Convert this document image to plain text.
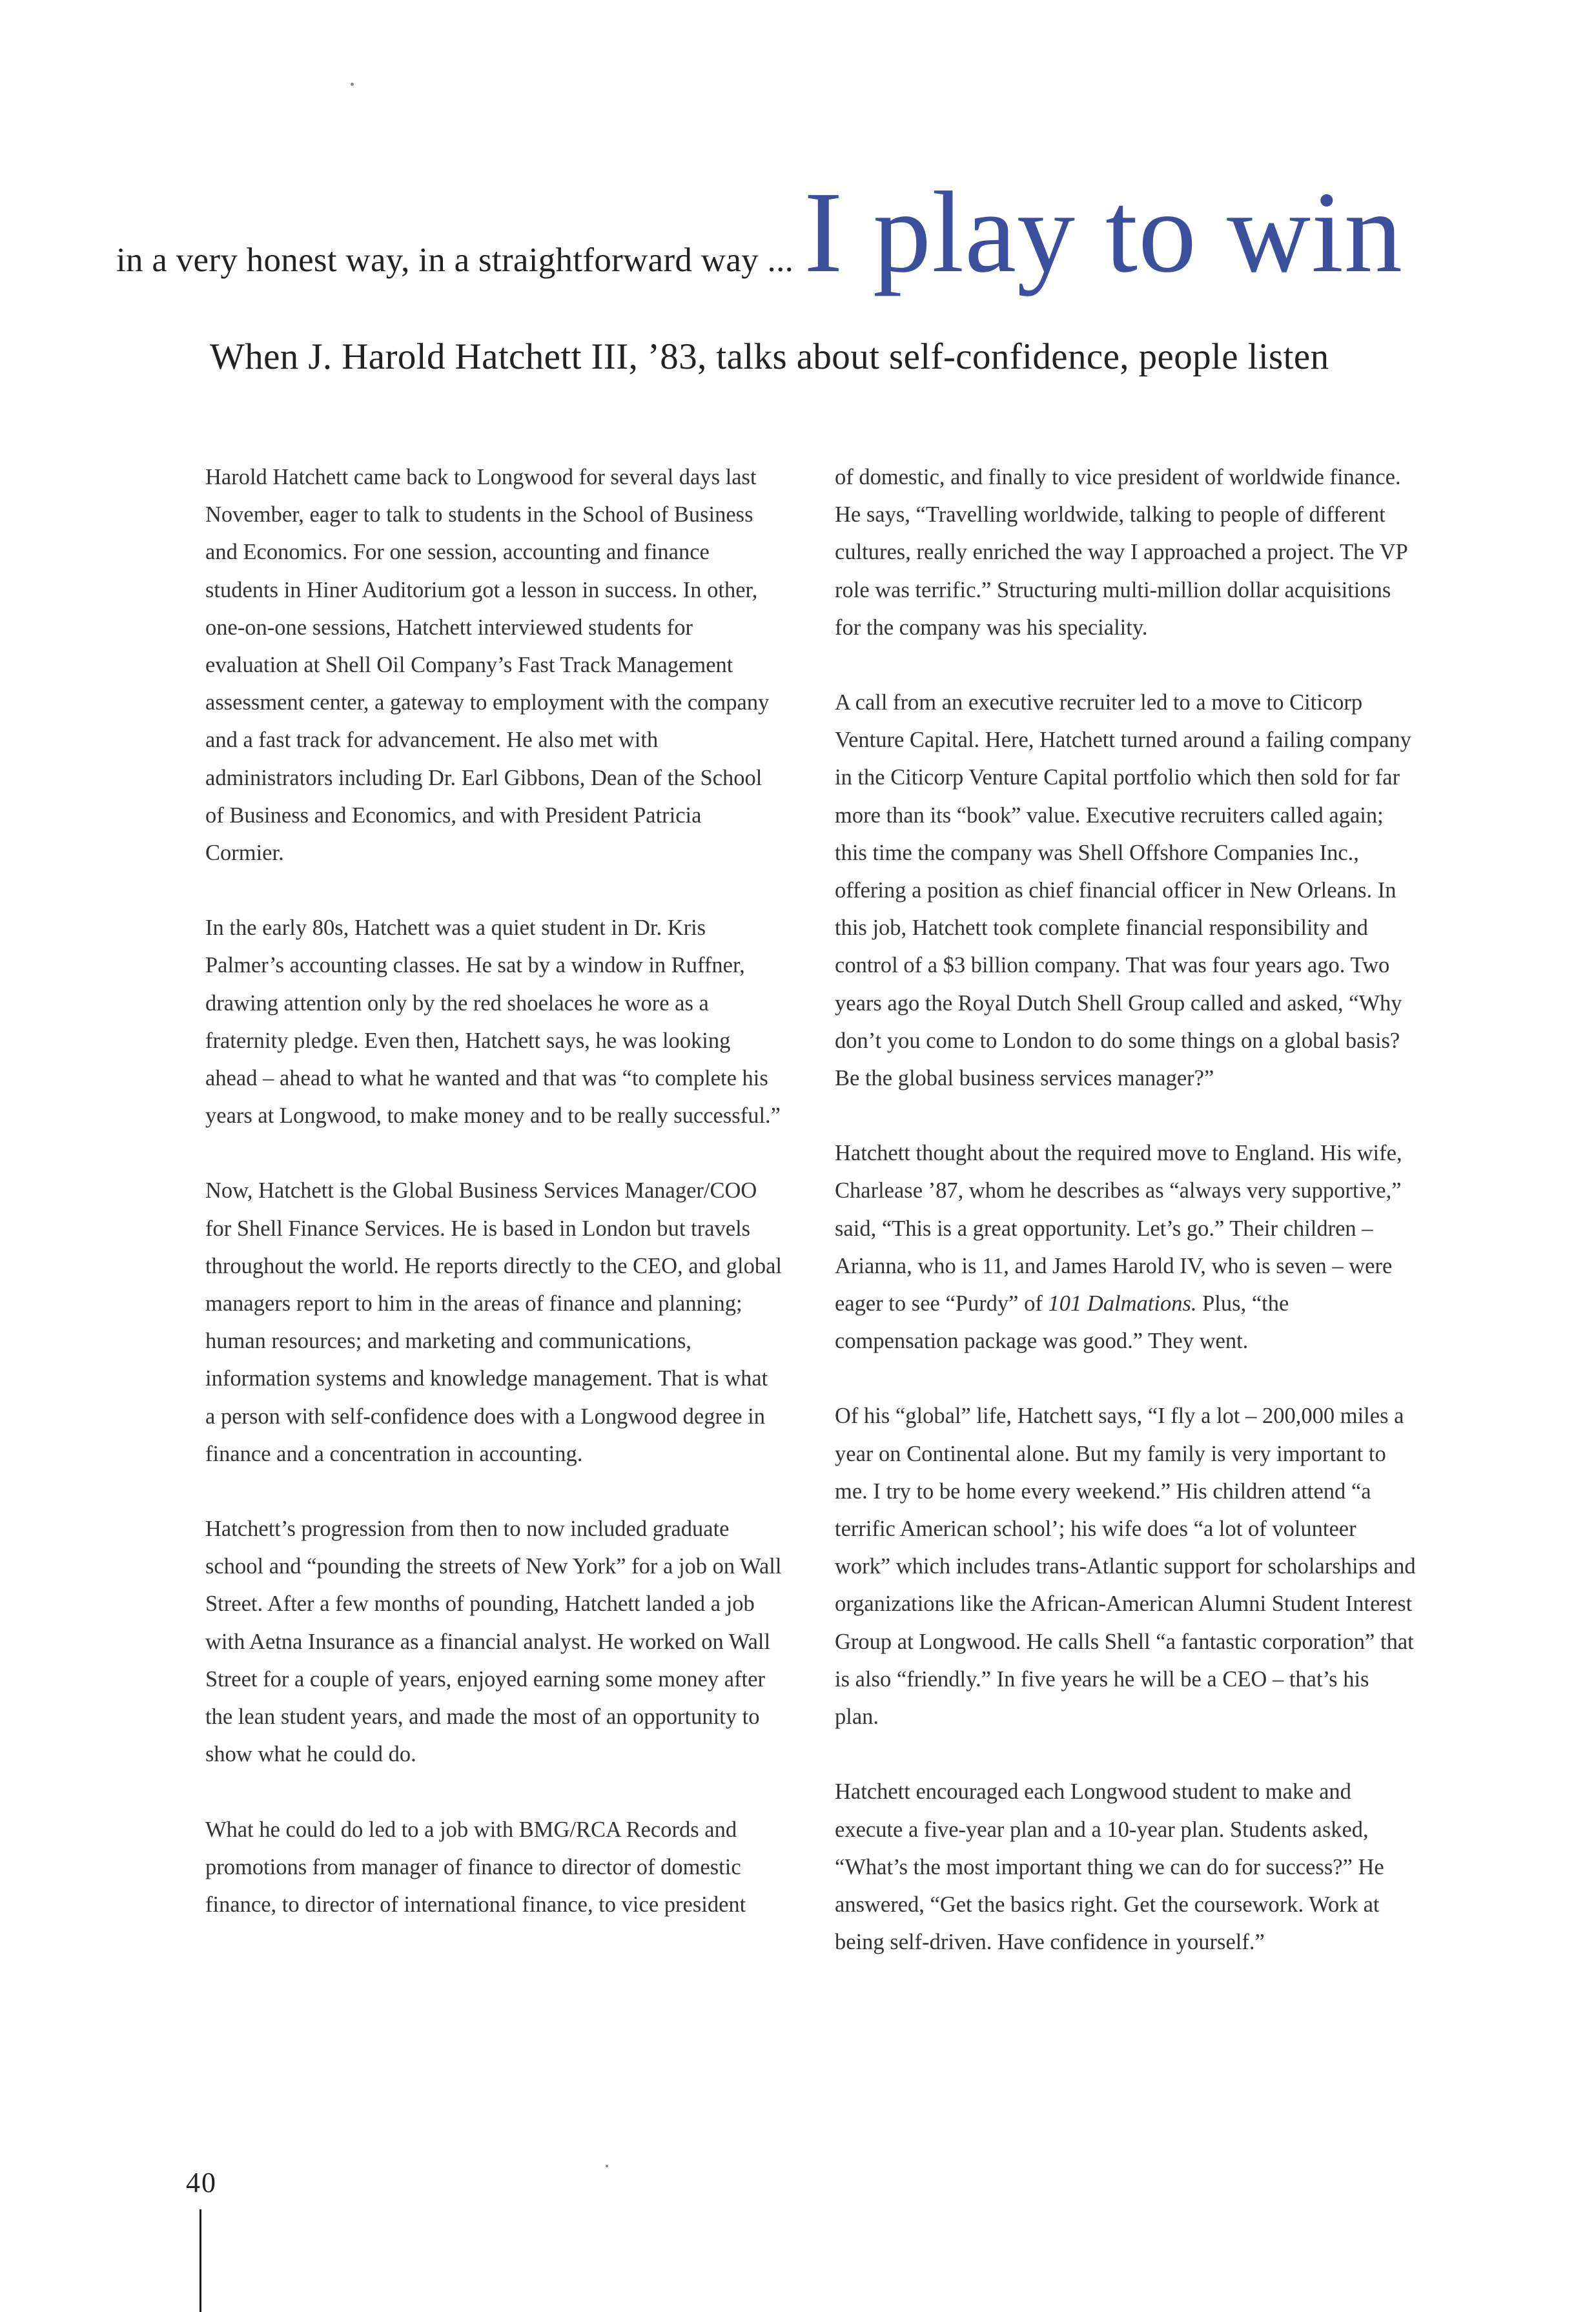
in a very honest way, in a straightforward way ... I play to win
When J. Harold Hatchett III, ’83, talks about self-confidence, people listen

Harold Hatchett came back to Longwood for several days last November, eager to talk to students in the School of Business and Economics. For one session, accounting and finance students in Hiner Auditorium got a lesson in success. In other, one-on-one sessions, Hatchett interviewed students for evaluation at Shell Oil Company’s Fast Track Management assessment center, a gateway to employment with the company and a fast track for advancement. He also met with administrators including Dr. Earl Gibbons, Dean of the School of Business and Economics, and with President Patricia Cormier.

In the early 80s, Hatchett was a quiet student in Dr. Kris Palmer’s accounting classes. He sat by a window in Ruffner, drawing attention only by the red shoelaces he wore as a fraternity pledge. Even then, Hatchett says, he was looking ahead – ahead to what he wanted and that was “to complete his years at Longwood, to make money and to be really successful.”

Now, Hatchett is the Global Business Services Manager/COO for Shell Finance Services. He is based in London but travels throughout the world. He reports directly to the CEO, and global managers report to him in the areas of finance and planning; human resources; and marketing and communications, information systems and knowledge management. That is what a person with self-confidence does with a Longwood degree in finance and a concentration in accounting.

Hatchett’s progression from then to now included graduate school and “pounding the streets of New York” for a job on Wall Street. After a few months of pounding, Hatchett landed a job with Aetna Insurance as a financial analyst. He worked on Wall Street for a couple of years, enjoyed earning some money after the lean student years, and made the most of an opportunity to show what he could do.

What he could do led to a job with BMG/RCA Records and promotions from manager of finance to director of domestic finance, to director of international finance, to vice president

of domestic, and finally to vice president of worldwide finance. He says, “Travelling worldwide, talking to people of different cultures, really enriched the way I approached a project. The VP role was terrific.” Structuring multi-million dollar acquisitions for the company was his speciality.

A call from an executive recruiter led to a move to Citicorp Venture Capital. Here, Hatchett turned around a failing company in the Citicorp Venture Capital portfolio which then sold for far more than its “book” value. Executive recruiters called again; this time the company was Shell Offshore Companies Inc., offering a position as chief financial officer in New Orleans. In this job, Hatchett took complete financial responsibility and control of a $3 billion company. That was four years ago. Two years ago the Royal Dutch Shell Group called and asked, “Why don’t you come to London to do some things on a global basis? Be the global business services manager?”

Hatchett thought about the required move to England. His wife, Charlease ’87, whom he describes as “always very supportive,” said, “This is a great opportunity. Let’s go.” Their children – Arianna, who is 11, and James Harold IV, who is seven – were eager to see “Purdy” of 101 Dalmations. Plus, “the compensation package was good.” They went.

Of his “global” life, Hatchett says, “I fly a lot – 200,000 miles a year on Continental alone. But my family is very important to me. I try to be home every weekend.” His children attend “a terrific American school’; his wife does “a lot of volunteer work” which includes trans-Atlantic support for scholarships and organizations like the African-American Alumni Student Interest Group at Longwood. He calls Shell “a fantastic corporation” that is also “friendly.” In five years he will be a CEO – that’s his plan.

Hatchett encouraged each Longwood student to make and execute a five-year plan and a 10-year plan. Students asked, “What’s the most important thing we can do for success?” He answered, “Get the basics right. Get the coursework. Work at being self-driven. Have confidence in yourself.”

40
